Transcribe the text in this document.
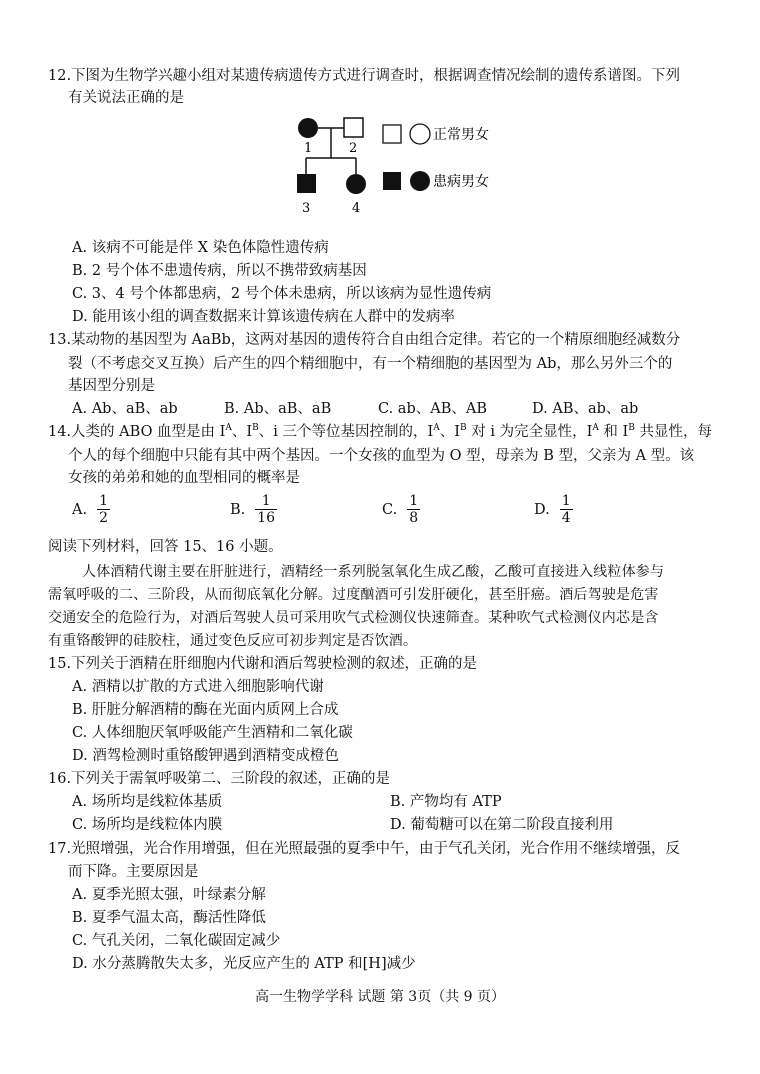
12.下图为生物学兴趣小组对某遗传病遗传方式进行调查时，根据调查情况绘制的遗传系谱图。下列
有关说法正确的是
1	2
3	4
正常男女
患病男女
A. 该病不可能是伴 X 染色体隐性遗传病
B. 2 号个体不患遗传病，所以不携带致病基因
C. 3、4 号个体都患病，2 号个体未患病，所以该病为显性遗传病
D. 能用该小组的调查数据来计算该遗传病在人群中的发病率
13.某动物的基因型为 AaBb，这两对基因的遗传符合自由组合定律。若它的一个精原细胞经减数分
裂（不考虑交叉互换）后产生的四个精细胞中，有一个精细胞的基因型为 Ab，那么另外三个的
基因型分别是
A. Ab、aB、ab	B. Ab、aB、aB	C. ab、AB、AB	D. AB、ab、ab
14.人类的 ABO 血型是由 $I^A$、$I^B$、i 三个等位基因控制的，$I^A$、$I^B$ 对 i 为完全显性，$I^A$ 和 $I^B$ 共显性，每
个人的每个细胞中只能有其中两个基因。一个女孩的血型为 O 型，母亲为 B 型，父亲为 A 型。该
女孩的弟弟和她的血型相同的概率是
A. $\frac{1}{2}$	B. $\frac{1}{16}$	C. $\frac{1}{8}$	D. $\frac{1}{4}$
阅读下列材料，回答 15、16 小题。
人体酒精代谢主要在肝脏进行，酒精经一系列脱氢氧化生成乙酸，乙酸可直接进入线粒体参与
需氧呼吸的二、三阶段，从而彻底氧化分解。过度酗酒可引发肝硬化，甚至肝癌。酒后驾驶是危害
交通安全的危险行为，对酒后驾驶人员可采用吹气式检测仪快速筛查。某种吹气式检测仪内芯是含
有重铬酸钾的硅胶柱，通过变色反应可初步判定是否饮酒。
15.下列关于酒精在肝细胞内代谢和酒后驾驶检测的叙述，正确的是
A. 酒精以扩散的方式进入细胞影响代谢
B. 肝脏分解酒精的酶在光面内质网上合成
C. 人体细胞厌氧呼吸能产生酒精和二氧化碳
D. 酒驾检测时重铬酸钾遇到酒精变成橙色
16.下列关于需氧呼吸第二、三阶段的叙述，正确的是
A. 场所均是线粒体基质	B. 产物均有 ATP
C. 场所均是线粒体内膜	D. 葡萄糖可以在第二阶段直接利用
17.光照增强，光合作用增强，但在光照最强的夏季中午，由于气孔关闭，光合作用不继续增强，反
而下降。主要原因是
A. 夏季光照太强，叶绿素分解
B. 夏季气温太高，酶活性降低
C. 气孔关闭，二氧化碳固定减少
D. 水分蒸腾散失太多，光反应产生的 ATP 和[H]减少
高一生物学学科 试题 第 3页（共 9 页）
